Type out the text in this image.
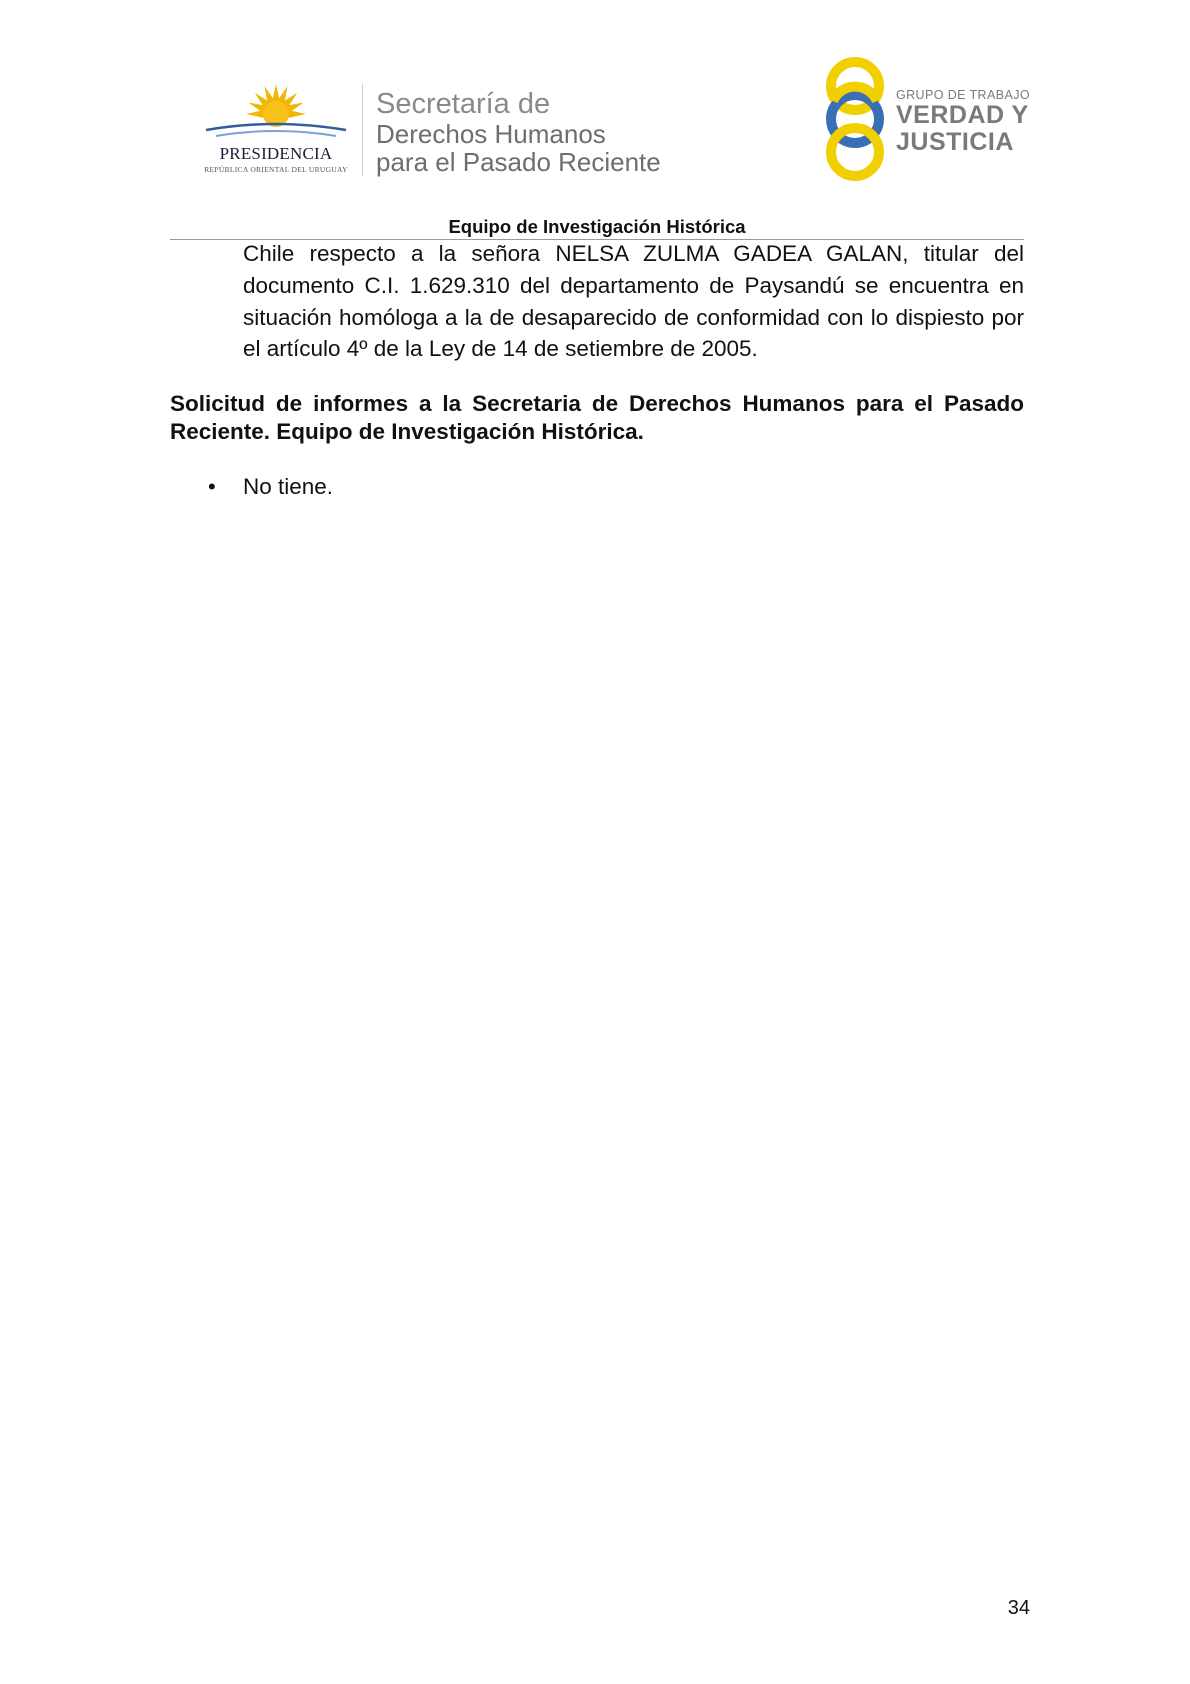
PRESIDENCIA
REPÚBLICA ORIENTAL DEL URUGUAY
Secretaría de
Derechos Humanos
para el Pasado Reciente
GRUPO DE TRABAJO
VERDAD Y
JUSTICIA
Equipo de Investigación Histórica

Chile respecto a la señora NELSA ZULMA GADEA GALAN, titular del documento C.I. 1.629.310 del departamento de Paysandú se encuentra en situación homóloga a la de desaparecido de conformidad con lo dispiesto por el artículo 4º de la Ley de 14 de setiembre de 2005.

Solicitud de informes a la Secretaria de Derechos Humanos para el Pasado Reciente. Equipo de Investigación Histórica.

• No tiene.
34
